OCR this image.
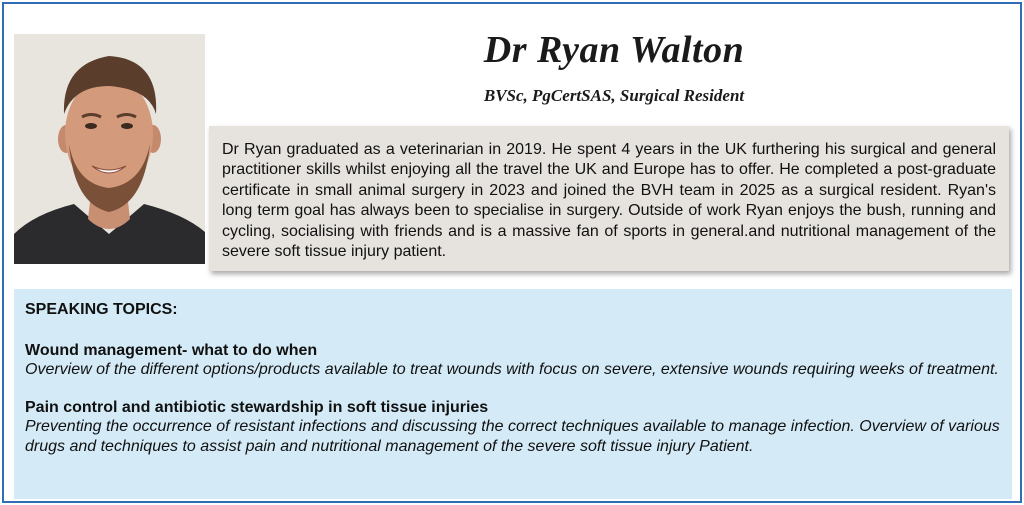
Dr Ryan Walton
BVSc, PgCertSAS, Surgical Resident
Dr Ryan graduated as a veterinarian in 2019. He spent 4 years in the UK furthering his surgical and general practitioner skills whilst enjoying all the travel the UK and Europe has to offer. He completed a post-graduate certificate in small animal surgery in 2023 and joined the BVH team in 2025 as a surgical resident. Ryan's long term goal has always been to specialise in surgery. Outside of work Ryan enjoys the bush, running and cycling, socialising with friends and is a massive fan of sports in general.and nutritional management of the severe soft tissue injury patient.
SPEAKING TOPICS:
Wound management- what to do when
Overview of the different options/products available to treat wounds with focus on severe, extensive wounds requiring weeks of treatment.
Pain control and antibiotic stewardship in soft tissue injuries
Preventing the occurrence of resistant infections and discussing the correct techniques available to manage infection. Overview of various drugs and techniques to assist pain and nutritional management of the severe soft tissue injury Patient.
